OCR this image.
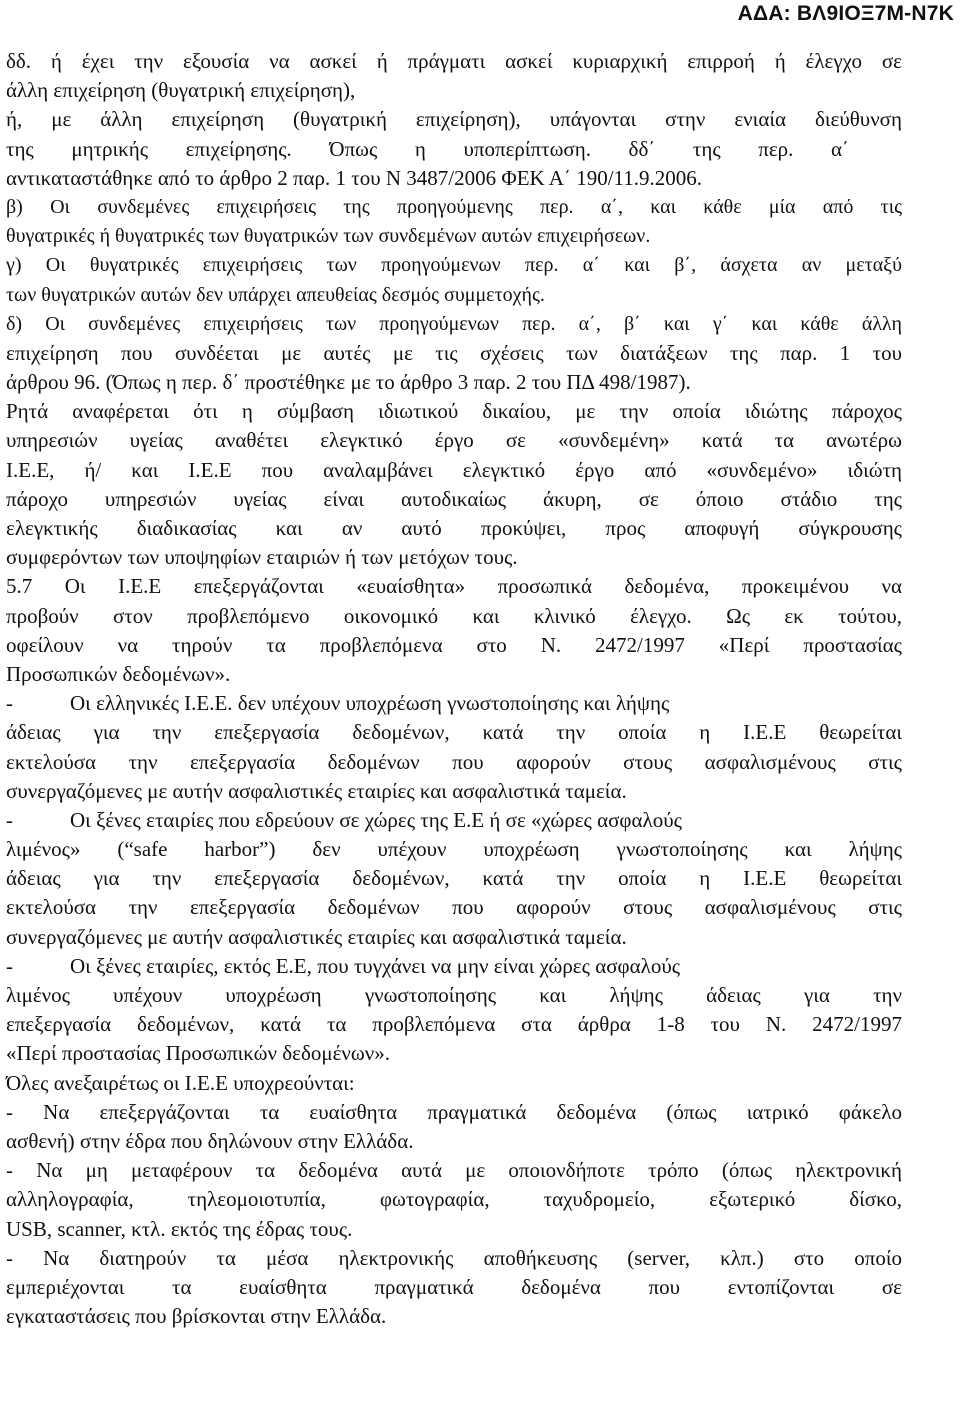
ΑΔΑ: ΒΛ9ΙΟΞ7Μ-Ν7Κ
δδ. ή έχει την εξουσία να ασκεί ή πράγματι ασκεί κυριαρχική επιρροή ή έλεγχο σε
άλλη επιχείρηση (θυγατρική επιχείρηση),
ή, με άλλη επιχείρηση (θυγατρική επιχείρηση), υπάγονται στην ενιαία διεύθυνση
της μητρικής επιχείρησης. Όπως η υποπερίπτωση. δδ΄ της περ. α΄
αντικαταστάθηκε από το άρθρο 2 παρ. 1 του Ν 3487/2006 ΦΕΚ Α΄ 190/11.9.2006.
β) Οι συνδεμένες επιχειρήσεις της προηγούμενης περ. α΄, και κάθε μία από τις
θυγατρικές ή θυγατρικές των θυγατρικών των συνδεμένων αυτών επιχειρήσεων.
γ) Οι θυγατρικές επιχειρήσεις των προηγούμενων περ. α΄ και β΄, άσχετα αν μεταξύ
των θυγατρικών αυτών δεν υπάρχει απευθείας δεσμός συμμετοχής.
δ) Οι συνδεμένες επιχειρήσεις των προηγούμενων περ. α΄, β΄ και γ΄ και κάθε άλλη
επιχείρηση που συνδέεται με αυτές με τις σχέσεις των διατάξεων της παρ. 1 του
άρθρου 96. (Όπως η περ. δ΄ προστέθηκε με το άρθρο 3 παρ. 2 του ΠΔ 498/1987).
Ρητά αναφέρεται ότι η σύμβαση ιδιωτικού δικαίου, με την οποία ιδιώτης πάροχος
υπηρεσιών υγείας αναθέτει ελεγκτικό έργο σε «συνδεμένη» κατά τα ανωτέρω
Ι.Ε.Ε, ή/ και Ι.Ε.Ε που αναλαμβάνει ελεγκτικό έργο από «συνδεμένο» ιδιώτη
πάροχο υπηρεσιών υγείας είναι αυτοδικαίως άκυρη, σε όποιο στάδιο της
ελεγκτικής διαδικασίας και αν αυτό προκύψει, προς αποφυγή σύγκρουσης
συμφερόντων των υποψηφίων εταιριών ή των μετόχων τους.
5.7 Οι Ι.Ε.Ε επεξεργάζονται «ευαίσθητα» προσωπικά δεδομένα, προκειμένου να
προβούν στον προβλεπόμενο οικονομικό και κλινικό έλεγχο. Ως εκ τούτου,
οφείλουν να τηρούν τα προβλεπόμενα στο Ν. 2472/1997 «Περί προστασίας
Προσωπικών δεδομένων».
-	Οι ελληνικές Ι.Ε.Ε. δεν υπέχουν υποχρέωση γνωστοποίησης και λήψης
άδειας για την επεξεργασία δεδομένων, κατά την οποία η Ι.Ε.Ε θεωρείται
εκτελούσα την επεξεργασία δεδομένων που αφορούν στους ασφαλισμένους στις
συνεργαζόμενες με αυτήν ασφαλιστικές εταιρίες και ασφαλιστικά ταμεία.
-	Οι ξένες εταιρίες που εδρεύουν σε χώρες της Ε.Ε ή σε «χώρες ασφαλούς
λιμένος» (“safe harbor”) δεν υπέχουν υποχρέωση γνωστοποίησης και λήψης
άδειας για την επεξεργασία δεδομένων, κατά την οποία η Ι.Ε.Ε θεωρείται
εκτελούσα την επεξεργασία δεδομένων που αφορούν στους ασφαλισμένους στις
συνεργαζόμενες με αυτήν ασφαλιστικές εταιρίες και ασφαλιστικά ταμεία.
-	Οι ξένες εταιρίες, εκτός Ε.Ε, που τυγχάνει να μην είναι χώρες ασφαλούς
λιμένος υπέχουν υποχρέωση γνωστοποίησης και λήψης άδειας για την
επεξεργασία δεδομένων, κατά τα προβλεπόμενα στα άρθρα 1-8 του Ν. 2472/1997
«Περί προστασίας Προσωπικών δεδομένων».
Όλες ανεξαιρέτως οι Ι.Ε.Ε υποχρεούνται:
- Να επεξεργάζονται τα ευαίσθητα πραγματικά δεδομένα (όπως ιατρικό φάκελο
ασθενή) στην έδρα που δηλώνουν στην Ελλάδα.
- Να μη μεταφέρουν τα δεδομένα αυτά με οποιονδήποτε τρόπο (όπως ηλεκτρονική
αλληλογραφία, τηλεομοιοτυπία, φωτογραφία, ταχυδρομείο, εξωτερικό δίσκο,
USB, scanner, κτλ. εκτός της έδρας τους.
- Να διατηρούν τα μέσα ηλεκτρονικής αποθήκευσης (server, κλπ.) στο οποίο
εμπεριέχονται τα ευαίσθητα πραγματικά δεδομένα που εντοπίζονται σε
εγκαταστάσεις που βρίσκονται στην Ελλάδα.
